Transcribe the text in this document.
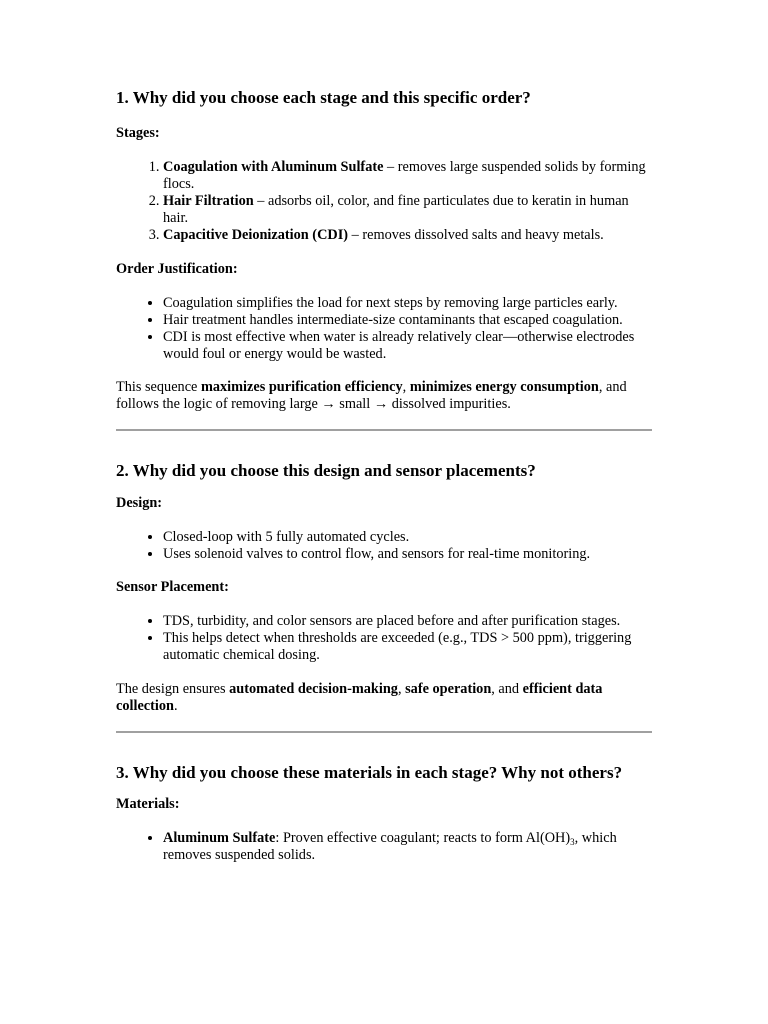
1. Why did you choose each stage and this specific order?

Stages:

1. Coagulation with Aluminum Sulfate – removes large suspended solids by forming flocs.
2. Hair Filtration – adsorbs oil, color, and fine particulates due to keratin in human hair.
3. Capacitive Deionization (CDI) – removes dissolved salts and heavy metals.

Order Justification:

• Coagulation simplifies the load for next steps by removing large particles early.
• Hair treatment handles intermediate-size contaminants that escaped coagulation.
• CDI is most effective when water is already relatively clear—otherwise electrodes would foul or energy would be wasted.

This sequence maximizes purification efficiency, minimizes energy consumption, and follows the logic of removing large → small → dissolved impurities.

2. Why did you choose this design and sensor placements?

Design:

• Closed-loop with 5 fully automated cycles.
• Uses solenoid valves to control flow, and sensors for real-time monitoring.

Sensor Placement:

• TDS, turbidity, and color sensors are placed before and after purification stages.
• This helps detect when thresholds are exceeded (e.g., TDS > 500 ppm), triggering automatic chemical dosing.

The design ensures automated decision-making, safe operation, and efficient data collection.

3. Why did you choose these materials in each stage? Why not others?

Materials:

• Aluminum Sulfate: Proven effective coagulant; reacts to form $Al(OH)_3$, which removes suspended solids.
